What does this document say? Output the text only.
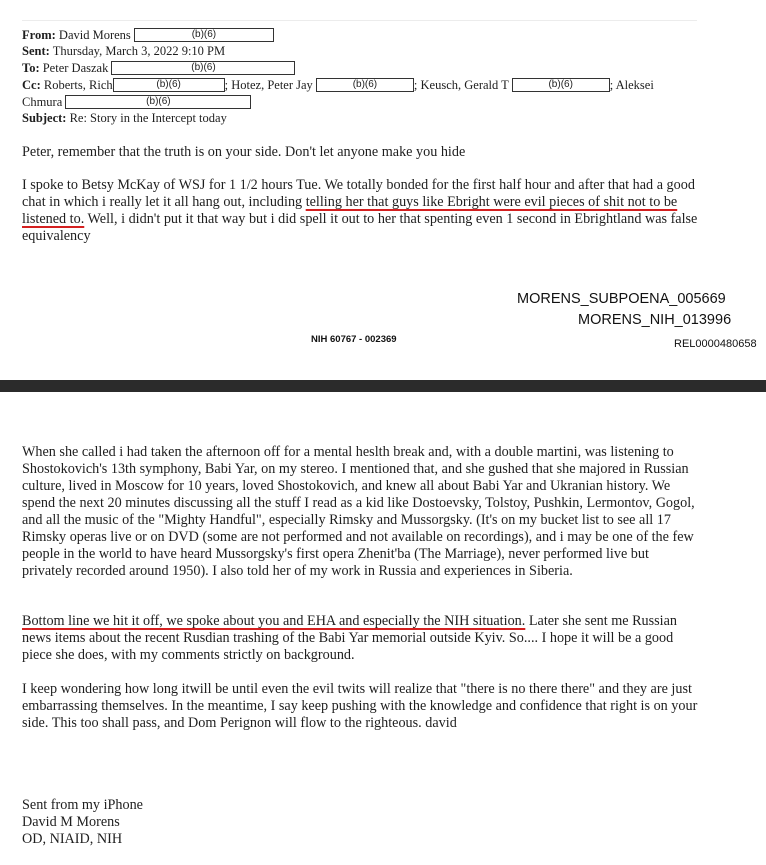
From: David Morens	(b)(6)
Sent: Thursday, March 3, 2022 9:10 PM
To: Peter Daszak	(b)(6)
Cc: Roberts, Rich	(b)(6)	; Hotez, Peter Jay	(b)(6)	; Keusch, Gerald T	(b)(6)	; Aleksei
Chmura	(b)(6)
Subject: Re: Story in the Intercept today
Peter, remember that the truth is on your side. Don't let anyone make you hide
I spoke to Betsy McKay of WSJ for 1 1/2 hours Tue. We totally bonded for the first half hour and after that had a good chat in which i really let it all hang out, including telling her that guys like Ebright were evil pieces of shit not to be listened to. Well, i didn't put it that way but i did spell it out to her that spenting even 1 second in Ebrightland was false equivalency
MORENS_SUBPOENA_005669
MORENS_NIH_013996
NIH 60767 - 002369	REL0000480658
When she called i had taken the afternoon off for a mental heslth break and, with a double martini, was listening to Shostokovich's 13th symphony, Babi Yar, on my stereo. I mentioned that, and she gushed that she majored in Russian culture, lived in Moscow for 10 years, loved Shostokovich, and knew all about Babi Yar and Ukranian history. We spend the next 20 minutes discussing all the stuff I read as a kid like Dostoevsky, Tolstoy, Pushkin, Lermontov, Gogol, and all the music of the "Mighty Handful", especially Rimsky and Mussorgsky. (It's on my bucket list to see all 17 Rimsky operas live or on DVD (some are not performed and not available on recordings), and i may be one of the few people in the world to have heard Mussorgsky's first opera Zhenit'ba (The Marriage), never performed live but privately recorded around 1950). I also told her of my work in Russia and experiences in Siberia.
Bottom line we hit it off, we spoke about you and EHA and especially the NIH situation. Later she sent me Russian news items about the recent Rusdian trashing of the Babi Yar memorial outside Kyiv. So.... I hope it will be a good piece she does, with my comments strictly on background.
I keep wondering how long itwill be until even the evil twits will realize that "there is no there there" and they are just embarrassing themselves. In the meantime, I say keep pushing with the knowledge and confidence that right is on your side. This too shall pass, and Dom Perignon will flow to the righteous. david
Sent from my iPhone
David M Morens
OD, NIAID, NIH
